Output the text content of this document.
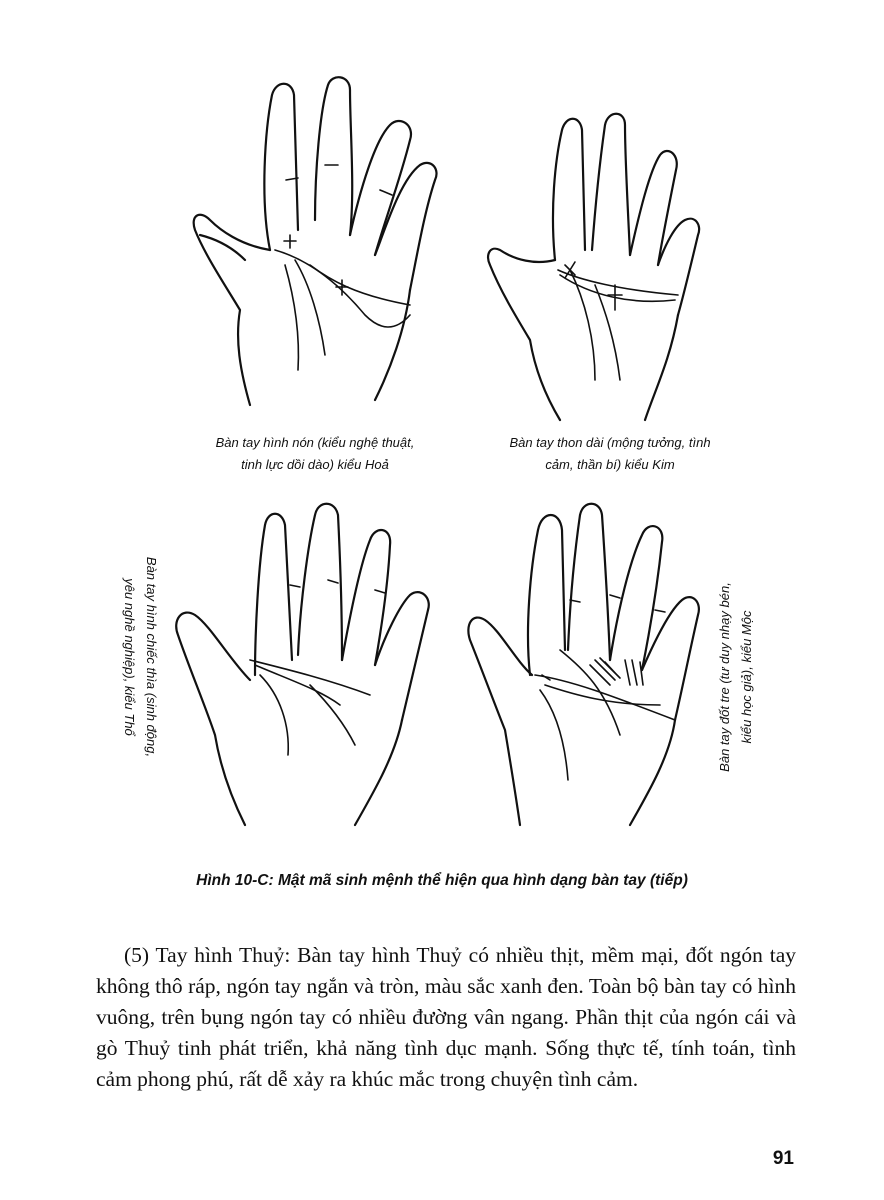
Bàn tay hình nón (kiểu nghệ thuật,
tinh lực dồi dào) kiểu Hoả
Bàn tay thon dài (mộng tưởng, tình
cảm, thần bí) kiểu Kim
Bàn tay hình chiếc thìa (sinh động,
yêu nghề nghiệp), kiểu Thổ	Bàn tay đốt tre (tư duy nhạy bén, kiểu học giả), kiểu Mộc
Hình 10-C: Mật mã sinh mệnh thể hiện qua hình dạng bàn tay (tiếp)

(5) Tay hình Thuỷ: Bàn tay hình Thuỷ có nhiều thịt, mềm mại, đốt ngón tay không thô ráp, ngón tay ngắn và tròn, màu sắc xanh đen. Toàn bộ bàn tay có hình vuông, trên bụng ngón tay có nhiều đường vân ngang. Phần thịt của ngón cái và gò Thuỷ tinh phát triển, khả năng tình dục mạnh. Sống thực tế, tính toán, tình cảm phong phú, rất dễ xảy ra khúc mắc trong chuyện tình cảm.

91
